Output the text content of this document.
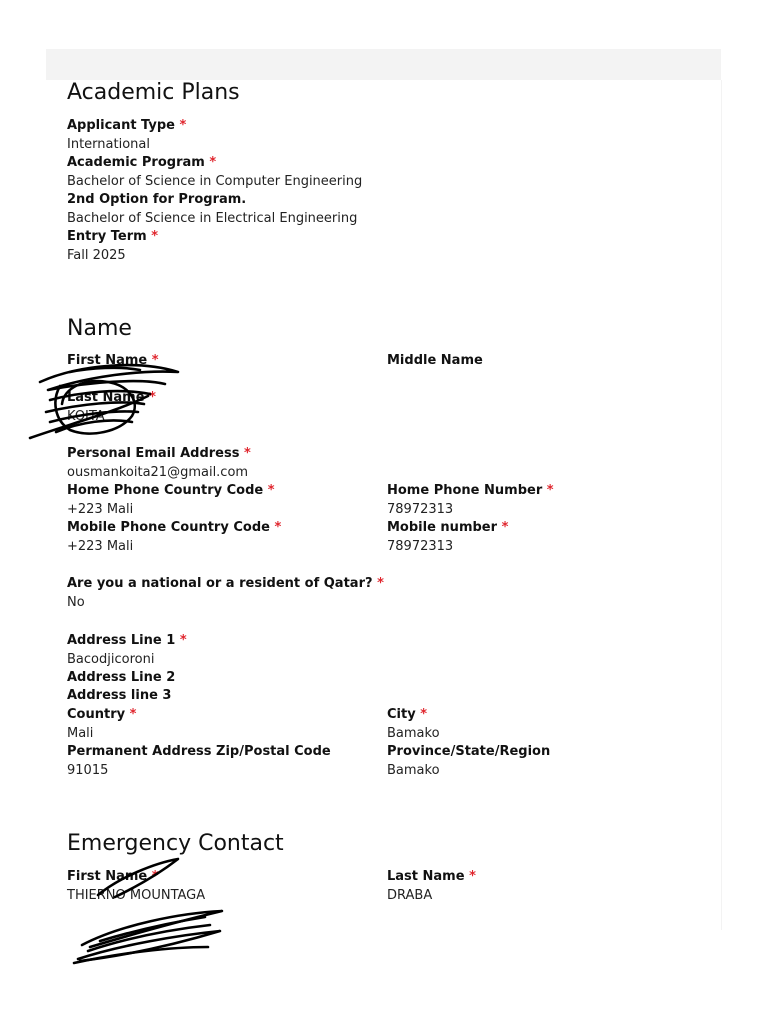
Academic Plans
Applicant Type *
International
Academic Program *
Bachelor of Science in Computer Engineering
2nd Option for Program.
Bachelor of Science in Electrical Engineering
Entry Term *
Fall 2025
Name
First Name *	Middle Name
Last Name *
KOITA
Personal Email Address *
ousmankoita21@gmail.com
Home Phone Country Code *
+223 Mali
Home Phone Number *
78972313
Mobile Phone Country Code *
+223 Mali
Mobile number *
78972313
Are you a national or a resident of Qatar? *
No
Address Line 1 *
Bacodjicoroni
Address Line 2
Address line 3
Country *
Mali
City *
Bamako
Permanent Address Zip/Postal Code
91015
Province/State/Region
Bamako
Emergency Contact
First Name *
THIERNO MOUNTAGA
Last Name *
DRABA
